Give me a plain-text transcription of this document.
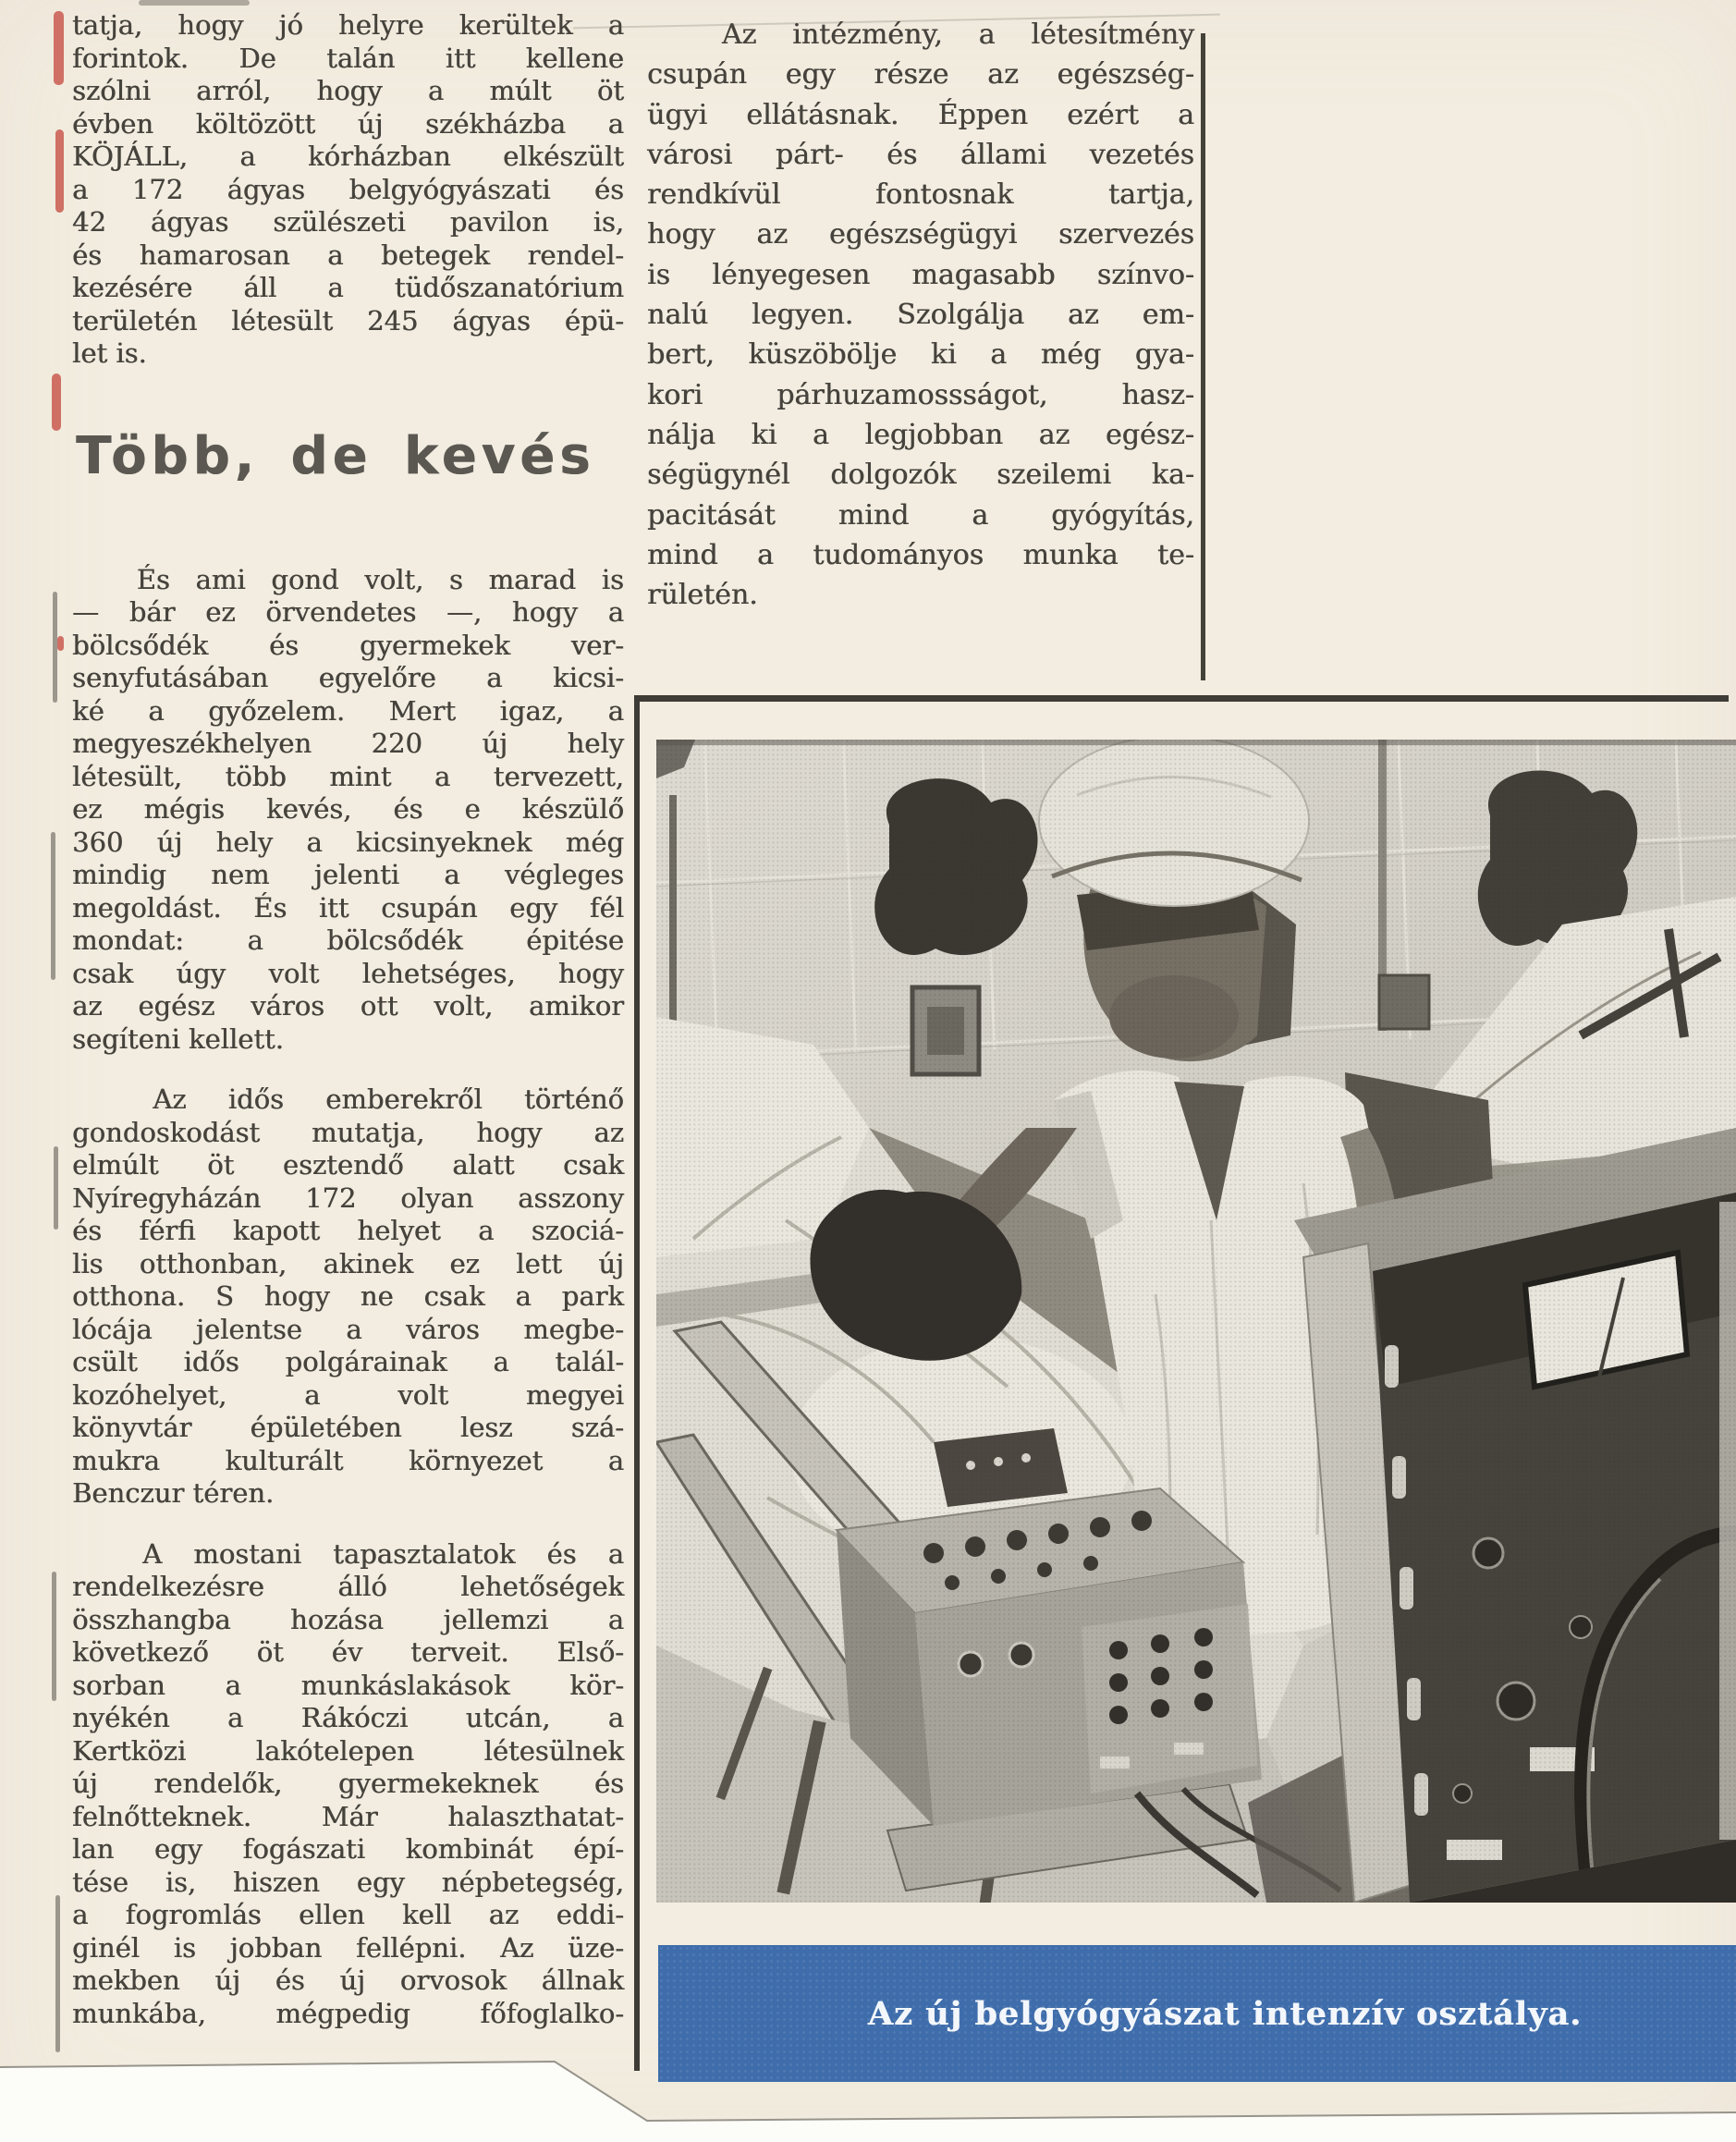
tatja, hogy jó helyre kerültek a
forintok. De talán itt kellene
szólni arról, hogy a múlt öt
évben költözött új székházba a
KÖJÁLL, a kórházban elkészült
a 172 ágyas belgyógyászati és
42 ágyas szülészeti pavilon is,
és hamarosan a betegek rendel-
kezésére áll a tüdőszanatórium
területén létesült 245 ágyas épü-
let is.
Több, de kevés
És ami gond volt, s marad is
— bár ez örvendetes —, hogy a
bölcsődék és gyermekek ver-
senyfutásában egyelőre a kicsi-
ké a győzelem. Mert igaz, a
megyeszékhelyen 220 új hely
létesült, több mint a tervezett,
ez mégis kevés, és e készülő
360 új hely a kicsinyeknek még
mindig nem jelenti a végleges
megoldást. És itt csupán egy fél
mondat: a bölcsődék épitése
csak úgy volt lehetséges, hogy
az egész város ott volt, amikor
segíteni kellett.
Az idős emberekről történő
gondoskodást mutatja, hogy az
elmúlt öt esztendő alatt csak
Nyíregyházán 172 olyan asszony
és férfi kapott helyet a szociá-
lis otthonban, akinek ez lett új
otthona. S hogy ne csak a park
lócája jelentse a város megbe-
csült idős polgárainak a talál-
kozóhelyet,	a	volt	megyei
könyvtár épületében lesz szá-
mukra kulturált környezet a
Benczur téren.
A mostani tapasztalatok és a
rendelkezésre	álló	lehetőségek
összhangba hozása jellemzi a
következő öt év terveit. Első-
sorban a munkáslakások kör-
nyékén a Rákóczi utcán, a
Kertközi	lakótelepen	létesülnek
új rendelők, gyermekeknek és
felnőtteknek.	Már	halaszthatat-
lan egy fogászati kombinát épí-
tése is, hiszen egy népbetegség,
a fogromlás ellen kell az eddi-
ginél is jobban fellépni. Az üze-
mekben új és új orvosok állnak
munkába,	mégpedig	főfoglalko-
Az intézmény, a létesítmény
csupán egy része az egészség-
ügyi ellátásnak. Éppen ezért a
városi párt- és állami vezetés
rendkívül	fontosnak	tartja,
hogy az egészségügyi szervezés
is lényegesen magasabb színvo-
nalú legyen. Szolgálja az em-
bert, küszöbölje ki a még gya-
kori	párhuzamossságot,	hasz-
nálja ki a legjobban az egész-
ségügynél dolgozók szeilemi ka-
pacitását mind a gyógyítás,
mind a tudományos munka te-
rületén.
Az új belgyógyászat intenzív osztálya.
